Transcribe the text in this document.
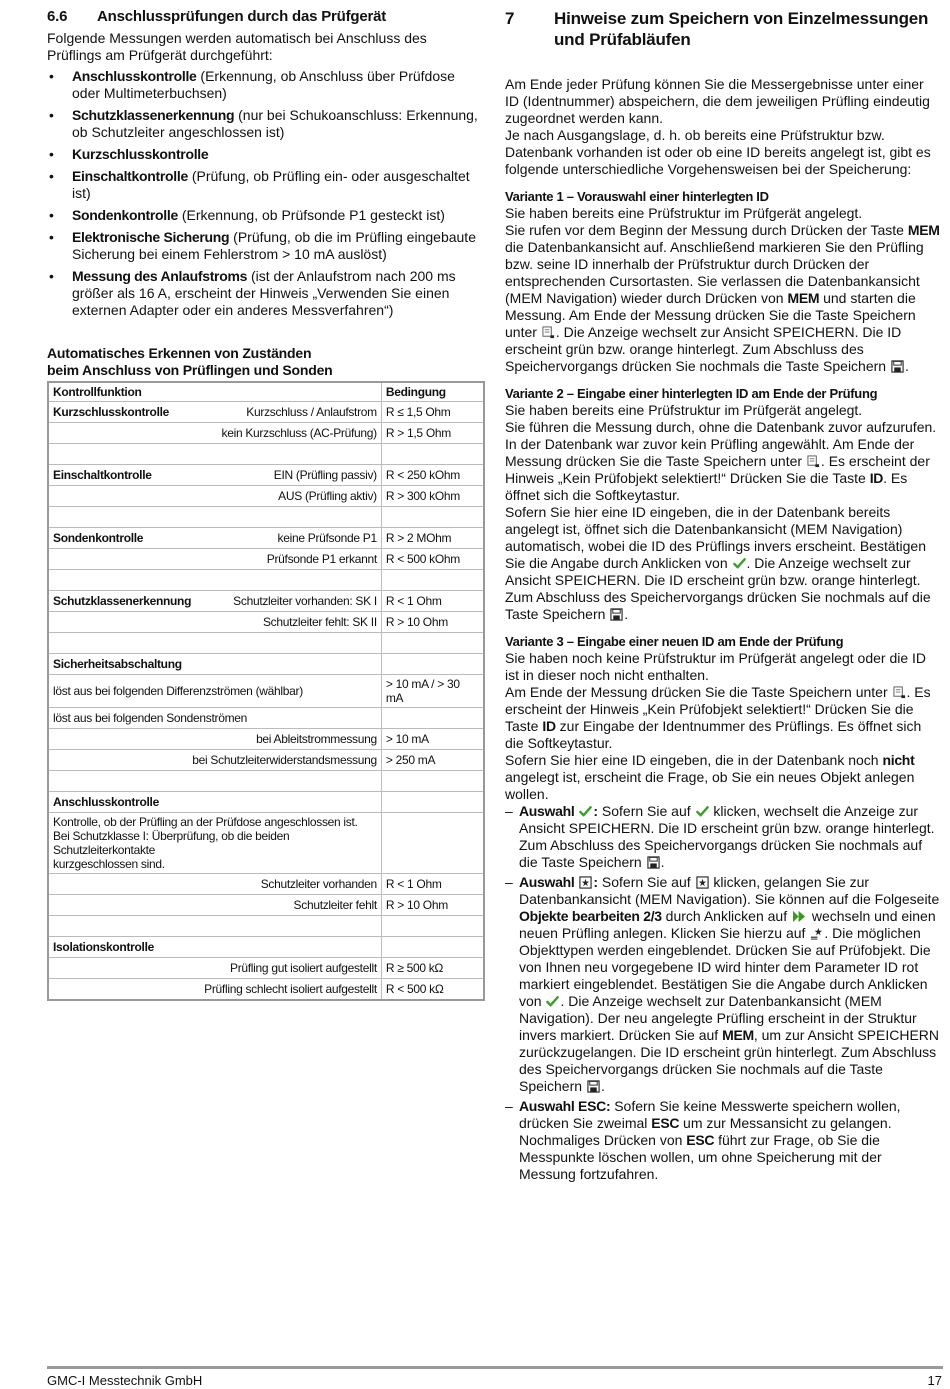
6.6 Anschlussprüfungen durch das Prüfgerät

Folgende Messungen werden automatisch bei Anschluss des Prüflings am Prüfgerät durchgeführt:

• Anschlusskontrolle (Erkennung, ob Anschluss über Prüfdose oder Multimeterbuchsen)
• Schutzklassenerkennung (nur bei Schukoanschluss: Erkennung, ob Schutzleiter angeschlossen ist)
• Kurzschlusskontrolle
• Einschaltkontrolle (Prüfung, ob Prüfling ein- oder ausgeschaltet ist)
• Sondenkontrolle (Erkennung, ob Prüfsonde P1 gesteckt ist)
• Elektronische Sicherung (Prüfung, ob die im Prüfling eingebaute Sicherung bei einem Fehlerstrom > 10 mA auslöst)
• Messung des Anlaufstroms (ist der Anlaufstrom nach 200 ms größer als 16 A, erscheint der Hinweis „Verwenden Sie einen externen Adapter oder ein anderes Messverfahren“)
Automatisches Erkennen von Zuständen
beim Anschluss von Prüflingen und Sonden
Kontrollfunktion	Bedingung

Kurzschlusskontrolle Kurzschluss / Anlaufstrom	R ≤ 1,5 Ohm

kein Kurzschluss (AC-Prüfung)	R > 1,5 Ohm

Einschaltkontrolle EIN (Prüfling passiv)	R < 250 kOhm

AUS (Prüfling aktiv)	R > 300 kOhm

Sondenkontrolle keine Prüfsonde P1	R > 2 MOhm

Prüfsonde P1 erkannt	R < 500 kOhm

Schutzklassenerkennung Schutzleiter vorhanden: SK I	R < 1 Ohm

Schutzleiter fehlt: SK II	R > 10 Ohm

Sicherheitsabschaltung	

löst aus bei folgenden Differenzströmen (wählbar)	> 10 mA / > 30 mA
löst aus bei folgenden Sondenströmen	

bei Ableitstrommessung	> 10 mA

bei Schutzleiterwiderstandsmessung	> 250 mA

Anschlusskontrolle	

Kontrolle, ob der Prüfling an der Prüfdose angeschlossen ist.
Bei Schutzklasse I: Überprüfung, ob die beiden Schutzleiterkontakte
kurzgeschlossen sind.	

Schutzleiter vorhanden	R < 1 Ohm

Schutzleiter fehlt	R > 10 Ohm

Isolationskontrolle	

Prüfling gut isoliert aufgestellt	R ≥ 500 kΩ

Prüfling schlecht isoliert aufgestellt	R < 500 kΩ
7 Hinweise zum Speichern von Einzelmessungen
und Prüfabläufen

Am Ende jeder Prüfung können Sie die Messergebnisse unter einer ID (Identnummer) abspeichern, die dem jeweiligen Prüfling eindeutig zugeordnet werden kann.

Je nach Ausgangslage, d. h. ob bereits eine Prüfstruktur bzw. Datenbank vorhanden ist oder ob eine ID bereits angelegt ist, gibt es folgende unterschiedliche Vorgehensweisen bei der Speicherung:

Variante 1 – Vorauswahl einer hinterlegten ID

Sie haben bereits eine Prüfstruktur im Prüfgerät angelegt.

Sie rufen vor dem Beginn der Messung durch Drücken der Taste MEM die Datenbankansicht auf. Anschließend markieren Sie den Prüfling bzw. seine ID innerhalb der Prüfstruktur durch Drücken der entsprechenden Cursortasten. Sie verlassen die Datenbankansicht (MEM Navigation) wieder durch Drücken von MEM und starten die Messung. Am Ende der Messung drücken Sie die Taste Speichern unter . Die Anzeige wechselt zur Ansicht SPEICHERN. Die ID erscheint grün bzw. orange hinterlegt. Zum Abschluss des Speichervorgangs drücken Sie nochmals die Taste Speichern .

Variante 2 – Eingabe einer hinterlegten ID am Ende der Prüfung

Sie haben bereits eine Prüfstruktur im Prüfgerät angelegt.

Sie führen die Messung durch, ohne die Datenbank zuvor aufzurufen. In der Datenbank war zuvor kein Prüfling angewählt. Am Ende der Messung drücken Sie die Taste Speichern unter . Es erscheint der Hinweis „Kein Prüfobjekt selektiert!“ Drücken Sie die Taste ID. Es öffnet sich die Softkeytastur.

Sofern Sie hier eine ID eingeben, die in der Datenbank bereits angelegt ist, öffnet sich die Datenbankansicht (MEM Navigation) automatisch, wobei die ID des Prüflings invers erscheint. Bestätigen Sie die Angabe durch Anklicken von . Die Anzeige wechselt zur Ansicht SPEICHERN. Die ID erscheint grün bzw. orange hinterlegt. Zum Abschluss des Speichervorgangs drücken Sie nochmals auf die Taste Speichern .

Variante 3 – Eingabe einer neuen ID am Ende der Prüfung

Sie haben noch keine Prüfstruktur im Prüfgerät angelegt oder die ID ist in dieser noch nicht enthalten.

Am Ende der Messung drücken Sie die Taste Speichern unter . Es erscheint der Hinweis „Kein Prüfobjekt selektiert!“ Drücken Sie die Taste ID zur Eingabe der Identnummer des Prüflings. Es öffnet sich die Softkeytastur.

Sofern Sie hier eine ID eingeben, die in der Datenbank noch nicht angelegt ist, erscheint die Frage, ob Sie ein neues Objekt anlegen wollen.

– Auswahl : Sofern Sie auf  klicken, wechselt die Anzeige zur Ansicht SPEICHERN. Die ID erscheint grün bzw. orange hinterlegt. Zum Abschluss des Speichervorgangs drücken Sie nochmals auf die Taste Speichern .
– Auswahl : Sofern Sie auf  klicken, gelangen Sie zur Datenbankansicht (MEM Navigation). Sie können auf die Folgeseite Objekte bearbeiten 2/3 durch Anklicken auf  wechseln und einen neuen Prüfling anlegen. Klicken Sie hierzu auf . Die möglichen Objekttypen werden eingeblendet. Drücken Sie auf Prüfobjekt. Die von Ihnen neu vorgegebene ID wird hinter dem Parameter ID rot markiert eingeblendet. Bestätigen Sie die Angabe durch Anklicken von . Die Anzeige wechselt zur Datenbankansicht (MEM Navigation). Der neu angelegte Prüfling erscheint in der Struktur invers markiert. Drücken Sie auf MEM, um zur Ansicht SPEICHERN zurückzugelangen. Die ID erscheint grün hinterlegt. Zum Abschluss des Speichervorgangs drücken Sie nochmals auf die Taste Speichern .
– Auswahl ESC: Sofern Sie keine Messwerte speichern wollen, drücken Sie zweimal ESC um zur Messansicht zu gelangen. Nochmaliges Drücken von ESC führt zur Frage, ob Sie die Messpunkte löschen wollen, um ohne Speicherung mit der Messung fortzufahren.
GMC-I Messtechnik GmbH	17
